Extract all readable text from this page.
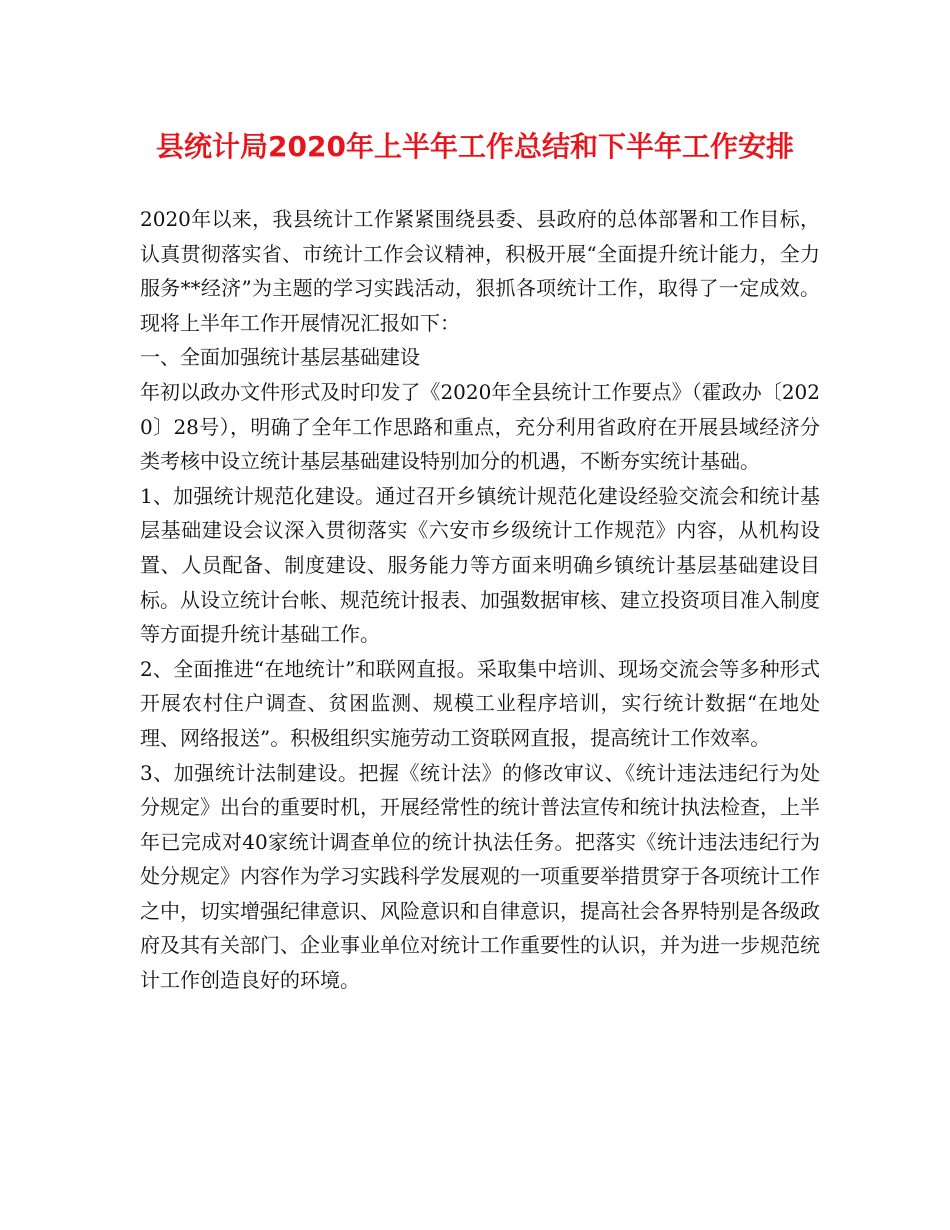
县统计局2020年上半年工作总结和下半年工作安排

2020年以来，我县统计工作紧紧围绕县委、县政府的总体部署和工作目标，认真贯彻落实省、市统计工作会议精神，积极开展“全面提升统计能力，全力服务**经济”为主题的学习实践活动，狠抓各项统计工作，取得了一定成效。现将上半年工作开展情况汇报如下：

一、全面加强统计基层基础建设

年初以政办文件形式及时印发了《2020年全县统计工作要点》（霍政办〔2020〕28号），明确了全年工作思路和重点，充分利用省政府在开展县域经济分类考核中设立统计基层基础建设特别加分的机遇，不断夯实统计基础。

1、加强统计规范化建设。通过召开乡镇统计规范化建设经验交流会和统计基层基础建设会议深入贯彻落实《六安市乡级统计工作规范》内容，从机构设置、人员配备、制度建设、服务能力等方面来明确乡镇统计基层基础建设目标。从设立统计台帐、规范统计报表、加强数据审核、建立投资项目准入制度等方面提升统计基础工作。

2、全面推进“在地统计”和联网直报。采取集中培训、现场交流会等多种形式开展农村住户调查、贫困监测、规模工业程序培训，实行统计数据“在地处理、网络报送”。积极组织实施劳动工资联网直报，提高统计工作效率。

3、加强统计法制建设。把握《统计法》的修改审议、《统计违法违纪行为处分规定》出台的重要时机，开展经常性的统计普法宣传和统计执法检查，上半年已完成对40家统计调查单位的统计执法任务。把落实《统计违法违纪行为处分规定》内容作为学习实践科学发展观的一项重要举措贯穿于各项统计工作之中，切实增强纪律意识、风险意识和自律意识，提高社会各界特别是各级政府及其有关部门、企业事业单位对统计工作重要性的认识，并为进一步规范统计工作创造良好的环境。
